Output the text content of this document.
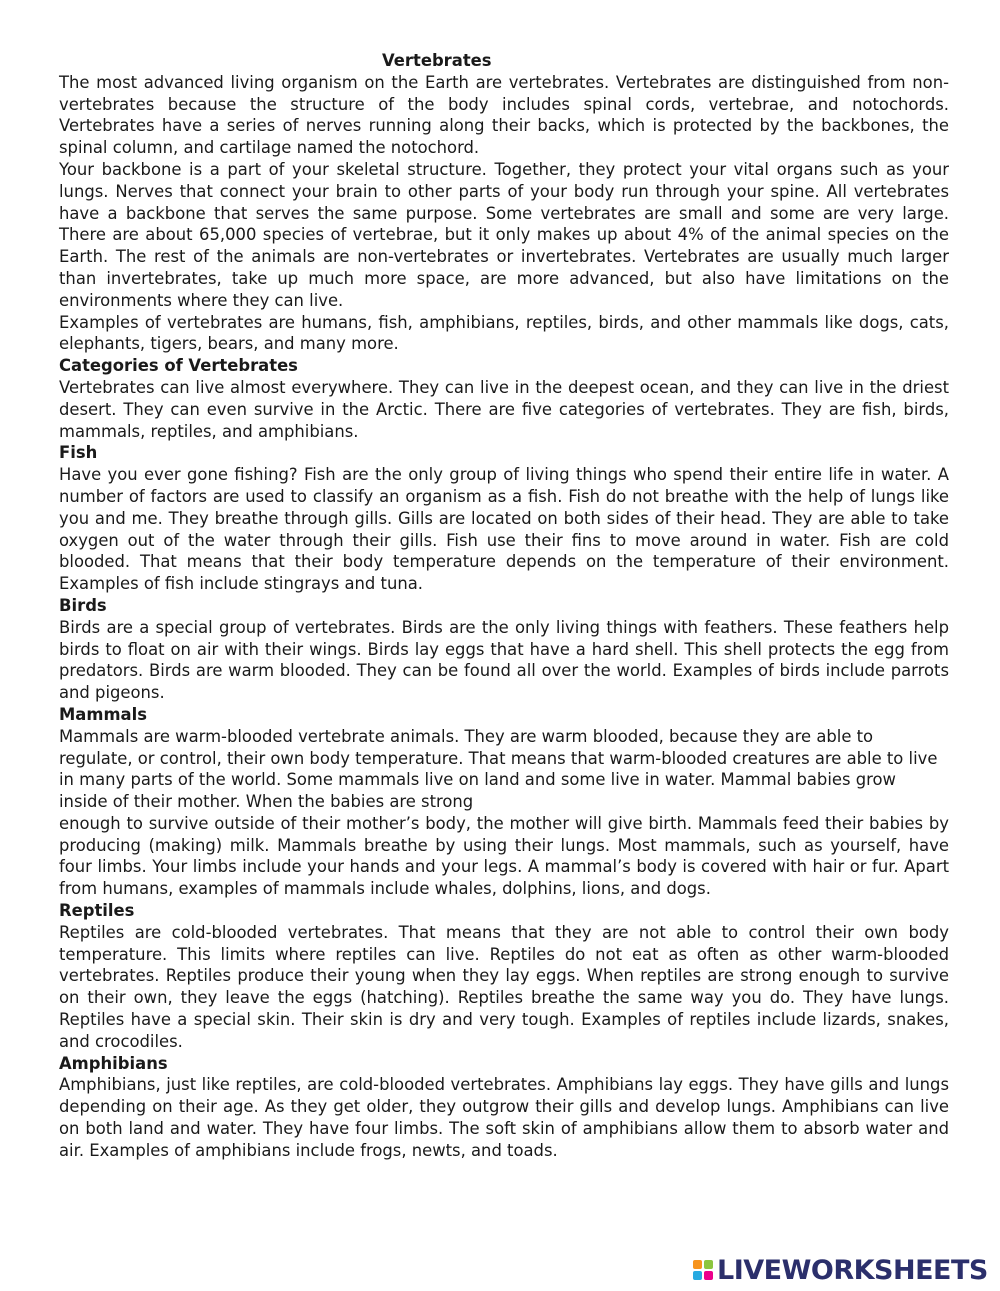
Vertebrates

The most advanced living organism on the Earth are vertebrates. Vertebrates are distinguished from non-vertebrates because the structure of the body includes spinal cords, vertebrae, and notochords. Vertebrates have a series of nerves running along their backs, which is protected by the backbones, the spinal column, and cartilage named the notochord.
Your backbone is a part of your skeletal structure. Together, they protect your vital organs such as your lungs. Nerves that connect your brain to other parts of your body run through your spine. All vertebrates have a backbone that serves the same purpose. Some vertebrates are small and some are very large. There are about 65,000 species of vertebrae, but it only makes up about 4% of the animal species on the Earth. The rest of the animals are non-vertebrates or invertebrates. Vertebrates are usually much larger than invertebrates, take up much more space, are more advanced, but also have limitations on the environments where they can live.
Examples of vertebrates are humans, fish, amphibians, reptiles, birds, and other mammals like dogs, cats, elephants, tigers, bears, and many more.

Categories of Vertebrates

Vertebrates can live almost everywhere. They can live in the deepest ocean, and they can live in the driest desert. They can even survive in the Arctic. There are five categories of vertebrates. They are fish, birds, mammals, reptiles, and amphibians.

Fish

Have you ever gone fishing? Fish are the only group of living things who spend their entire life in water. A number of factors are used to classify an organism as a fish. Fish do not breathe with the help of lungs like you and me. They breathe through gills. Gills are located on both sides of their head. They are able to take oxygen out of the water through their gills. Fish use their fins to move around in water. Fish are cold blooded. That means that their body temperature depends on the temperature of their environment. Examples of fish include stingrays and tuna.

Birds

Birds are a special group of vertebrates. Birds are the only living things with feathers. These feathers help birds to float on air with their wings. Birds lay eggs that have a hard shell. This shell protects the egg from predators. Birds are warm blooded. They can be found all over the world. Examples of birds include parrots and pigeons.

Mammals

Mammals are warm-blooded vertebrate animals. They are warm blooded, because they are able to regulate, or control, their own body temperature. That means that warm-blooded creatures are able to live in many parts of the world. Some mammals live on land and some live in water. Mammal babies grow inside of their mother. When the babies are strong
enough to survive outside of their mother’s body, the mother will give birth. Mammals feed their babies by producing (making) milk. Mammals breathe by using their lungs. Most mammals, such as yourself, have four limbs. Your limbs include your hands and your legs. A mammal’s body is covered with hair or fur. Apart from humans, examples of mammals include whales, dolphins, lions, and dogs.

Reptiles

Reptiles are cold-blooded vertebrates. That means that they are not able to control their own body temperature. This limits where reptiles can live. Reptiles do not eat as often as other warm-blooded vertebrates. Reptiles produce their young when they lay eggs. When reptiles are strong enough to survive on their own, they leave the eggs (hatching). Reptiles breathe the same way you do. They have lungs. Reptiles have a special skin. Their skin is dry and very tough. Examples of reptiles include lizards, snakes, and crocodiles.

Amphibians

Amphibians, just like reptiles, are cold-blooded vertebrates. Amphibians lay eggs. They have gills and lungs depending on their age. As they get older, they outgrow their gills and develop lungs. Amphibians can live on both land and water. They have four limbs. The soft skin of amphibians allow them to absorb water and air. Examples of amphibians include frogs, newts, and toads.

LIVEWORKSHEETS
